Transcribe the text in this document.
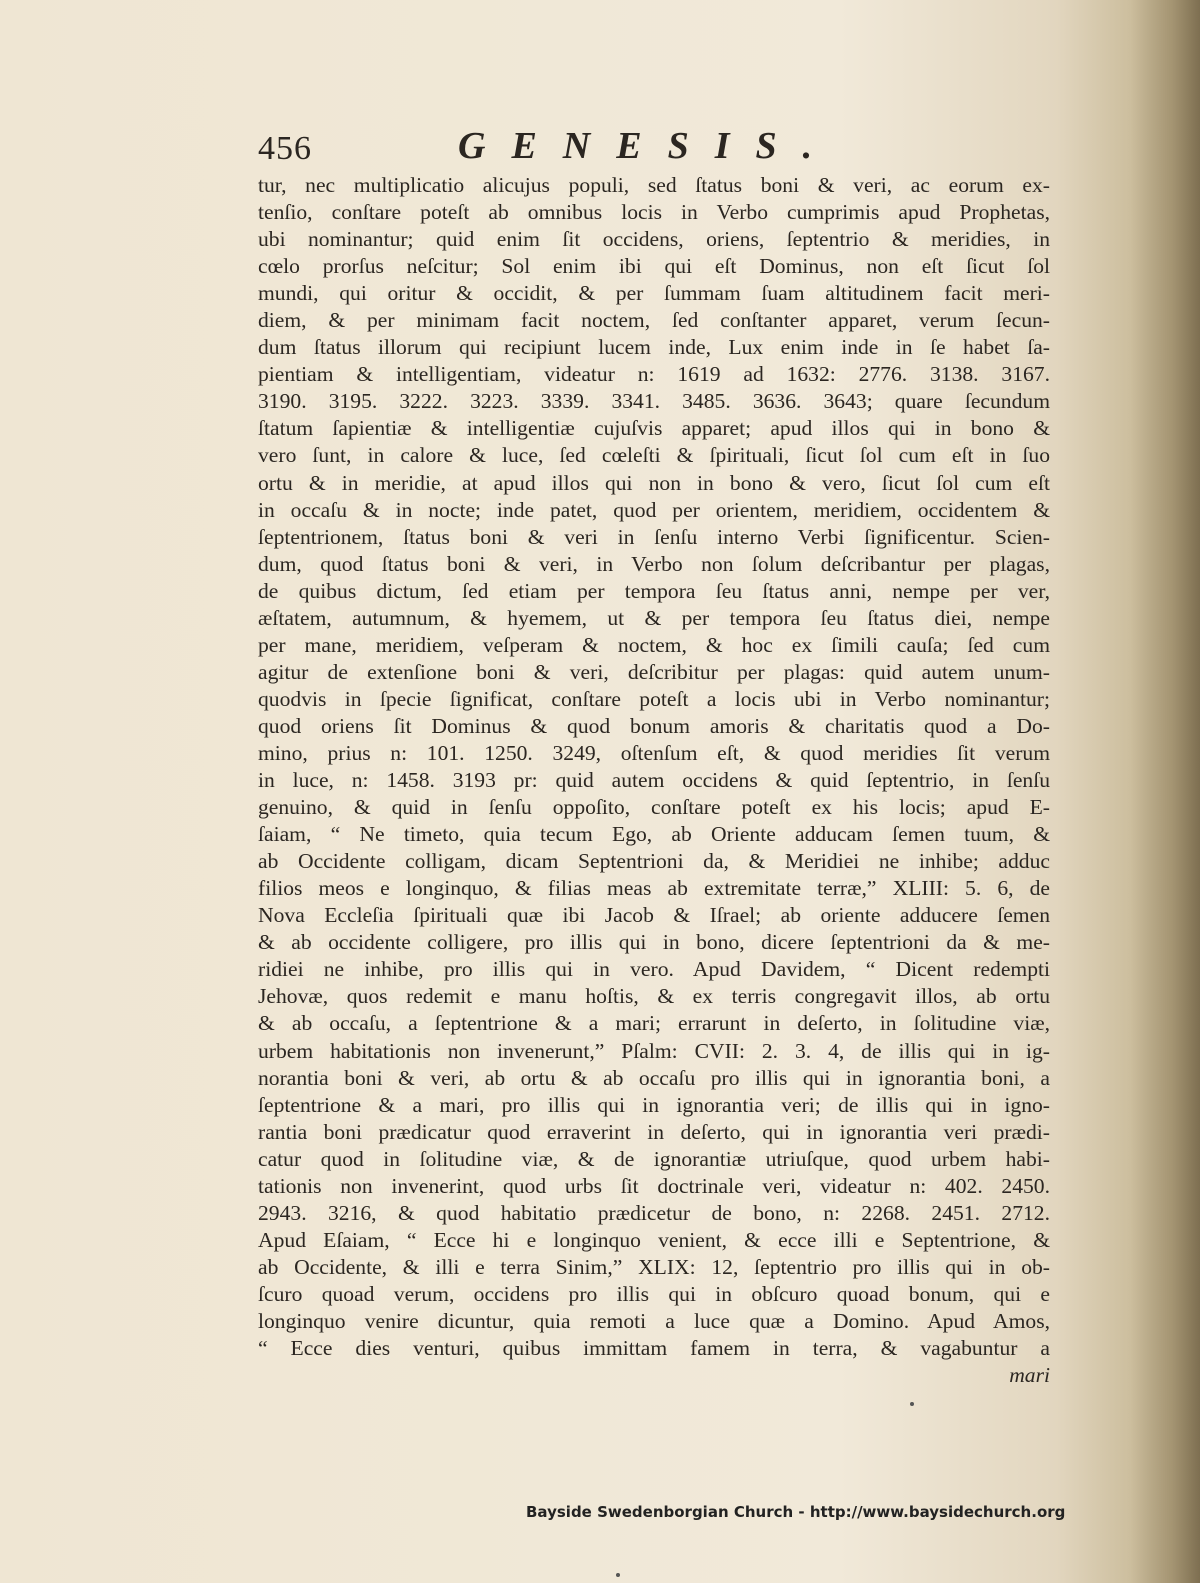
456	GENESIS.
tur, nec multiplicatio alicujus populi, sed ſtatus boni & veri, ac eorum ex-
tenſio, conſtare poteſt ab omnibus locis in Verbo cumprimis apud Prophetas,
ubi nominantur; quid enim ſit occidens, oriens, ſeptentrio & meridies, in
cœlo prorſus neſcitur; Sol enim ibi qui eſt Dominus, non eſt ſicut ſol
mundi, qui oritur & occidit, & per ſummam ſuam altitudinem facit meri-
diem, & per minimam facit noctem, ſed conſtanter apparet, verum ſecun-
dum ſtatus illorum qui recipiunt lucem inde, Lux enim inde in ſe habet ſa-
pientiam & intelligentiam, videatur n: 1619 ad 1632: 2776. 3138. 3167.
3190. 3195. 3222. 3223. 3339. 3341. 3485. 3636. 3643; quare ſecundum
ſtatum ſapientiæ & intelligentiæ cujuſvis apparet; apud illos qui in bono &
vero ſunt, in calore & luce, ſed cœleſti & ſpirituali, ſicut ſol cum eſt in ſuo
ortu & in meridie, at apud illos qui non in bono & vero, ſicut ſol cum eſt
in occaſu & in nocte; inde patet, quod per orientem, meridiem, occidentem &
ſeptentrionem, ſtatus boni & veri in ſenſu interno Verbi ſignificentur. Scien-
dum, quod ſtatus boni & veri, in Verbo non ſolum deſcribantur per plagas,
de quibus dictum, ſed etiam per tempora ſeu ſtatus anni, nempe per ver,
æſtatem, autumnum, & hyemem, ut & per tempora ſeu ſtatus diei, nempe
per mane, meridiem, veſperam & noctem, & hoc ex ſimili cauſa; ſed cum
agitur de extenſione boni & veri, deſcribitur per plagas: quid autem unum-
quodvis in ſpecie ſignificat, conſtare poteſt a locis ubi in Verbo nominantur;
quod oriens ſit Dominus & quod bonum amoris & charitatis quod a Do-
mino, prius n: 101. 1250. 3249, oſtenſum eſt, & quod meridies ſit verum
in luce, n: 1458. 3193 pr: quid autem occidens & quid ſeptentrio, in ſenſu
genuino, & quid in ſenſu oppoſito, conſtare poteſt ex his locis; apud E-
ſaiam, “ Ne timeto, quia tecum Ego, ab Oriente adducam ſemen tuum, &
ab Occidente colligam, dicam Septentrioni da, & Meridiei ne inhibe; adduc
filios meos e longinquo, & filias meas ab extremitate terræ,” XLIII: 5. 6, de
Nova Eccleſia ſpirituali quæ ibi Jacob & Iſrael; ab oriente adducere ſemen
& ab occidente colligere, pro illis qui in bono, dicere ſeptentrioni da & me-
ridiei ne inhibe, pro illis qui in vero. Apud Davidem, “ Dicent redempti
Jehovæ, quos redemit e manu hoſtis, & ex terris congregavit illos, ab ortu
& ab occaſu, a ſeptentrione & a mari; errarunt in deſerto, in ſolitudine viæ,
urbem habitationis non invenerunt,” Pſalm: CVII: 2. 3. 4, de illis qui in ig-
norantia boni & veri, ab ortu & ab occaſu pro illis qui in ignorantia boni, a
ſeptentrione & a mari, pro illis qui in ignorantia veri; de illis qui in igno-
rantia boni prædicatur quod erraverint in deſerto, qui in ignorantia veri prædi-
catur quod in ſolitudine viæ, & de ignorantiæ utriuſque, quod urbem habi-
tationis non invenerint, quod urbs ſit doctrinale veri, videatur n: 402. 2450.
2943. 3216, & quod habitatio prædicetur de bono, n: 2268. 2451. 2712.
Apud Eſaiam, “ Ecce hi e longinquo venient, & ecce illi e Septentrione, &
ab Occidente, & illi e terra Sinim,” XLIX: 12, ſeptentrio pro illis qui in ob-
ſcuro quoad verum, occidens pro illis qui in obſcuro quoad bonum, qui e
longinquo venire dicuntur, quia remoti a luce quæ a Domino. Apud Amos,
“ Ecce dies venturi, quibus immittam famem in terra, & vagabuntur a
mari
Bayside Swedenborgian Church - http://www.baysidechurch.org
